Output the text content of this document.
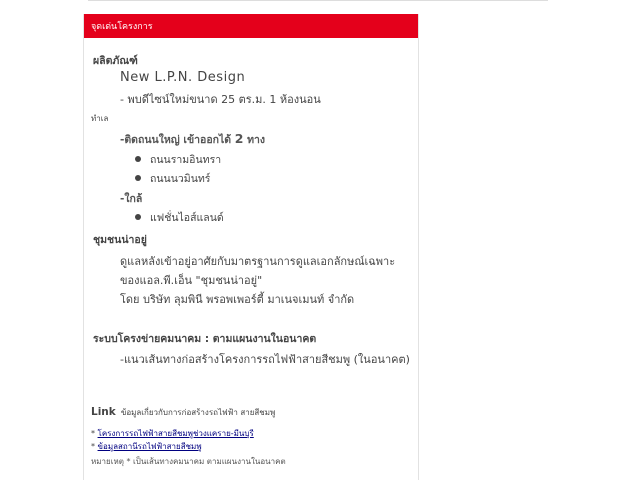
จุดเด่นโครงการ
ผลิตภัณฑ์
New L.P.N. Design
- พบดีไซน์ใหม่ขนาด 25 ตร.ม. 1 ห้องนอน
ทำเล
-ติดถนนใหญ่ เข้าออกได้ 2 ทาง
ถนนรามอินทรา
ถนนนวมินทร์
-ใกล้
แฟชั่นไอส์แลนด์
ชุมชนน่าอยู่
ดูแลหลังเข้าอยู่อาศัยกับมาตรฐานการดูแลเอกลักษณ์เฉพาะ
ของแอล.พี.เอ็น "ชุมชนน่าอยู่"
โดย บริษัท ลุมพินี พรอพเพอร์ตี้ มาเนจเมนท์ จำกัด
ระบบโครงข่ายคมนาคม : ตามแผนงานในอนาคต
-แนวเส้นทางก่อสร้างโครงการรถไฟฟ้าสายสีชมพู (ในอนาคต)
Link ข้อมูลเกี่ยวกับการก่อสร้างรถไฟฟ้า สายสีชมพู
* โครงการรถไฟฟ้าสายสีชมพูช่วงแคราย-มีนบุรี
* ข้อมูลสถานีรถไฟฟ้าสายสีชมพู
หมายเหตุ * เป็นเส้นทางคมนาคม ตามแผนงานในอนาคต
